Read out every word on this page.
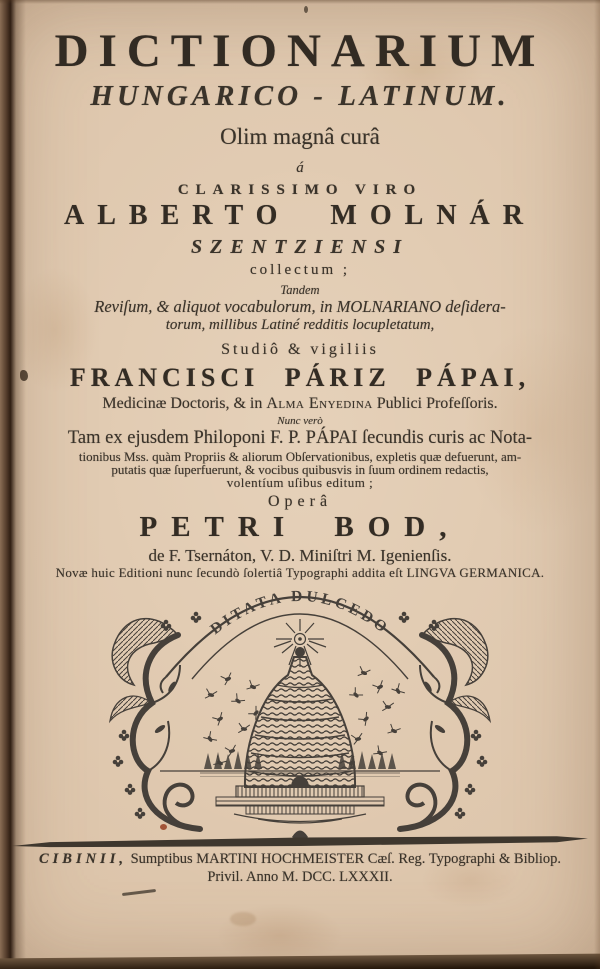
DICTIONARIUM
HUNGARICO - LATINUM.
Olim magnâ curâ
á
CLARISSIMO VIRO
ALBERTO MOLNÁR
SZENTZIENSI
collectum ;
Tandem
Reviſum, & aliquot vocabulorum, in MOLNARIANO deſidera-
torum, millibus Latiné redditis locupletatum,
Studiô & vigiliis
FRANCISCI PÁRIZ PÁPAI,
Medicinæ Doctoris, & in Alma Enyedina Publici Profeſſoris.
Nunc verò
Tam ex ejusdem Philoponi F. P. PÁPAI ſecundis curis ac Nota-
tionibus Mss. quàm Propriis & aliorum Obſervationibus, expletis quæ defuerunt, am-
putatis quæ ſuperfuerunt, & vocibus quibusvis in ſuum ordinem redactis,
volentíum uſibus editum ;
Operâ
PETRI BOD,
de F. Tsernáton, V. D. Miniſtri M. Igenienſis.
Novæ huic Editioni nunc ſecundò ſolertiâ Typographi addita eſt LINGVA GERMANICA.
DITATA DULCEDO
CIBINII, Sumptibus MARTINI HOCHMEISTER Cæſ. Reg. Typographi & Bibliop.
Privil. Anno M. DCC. LXXXII.
